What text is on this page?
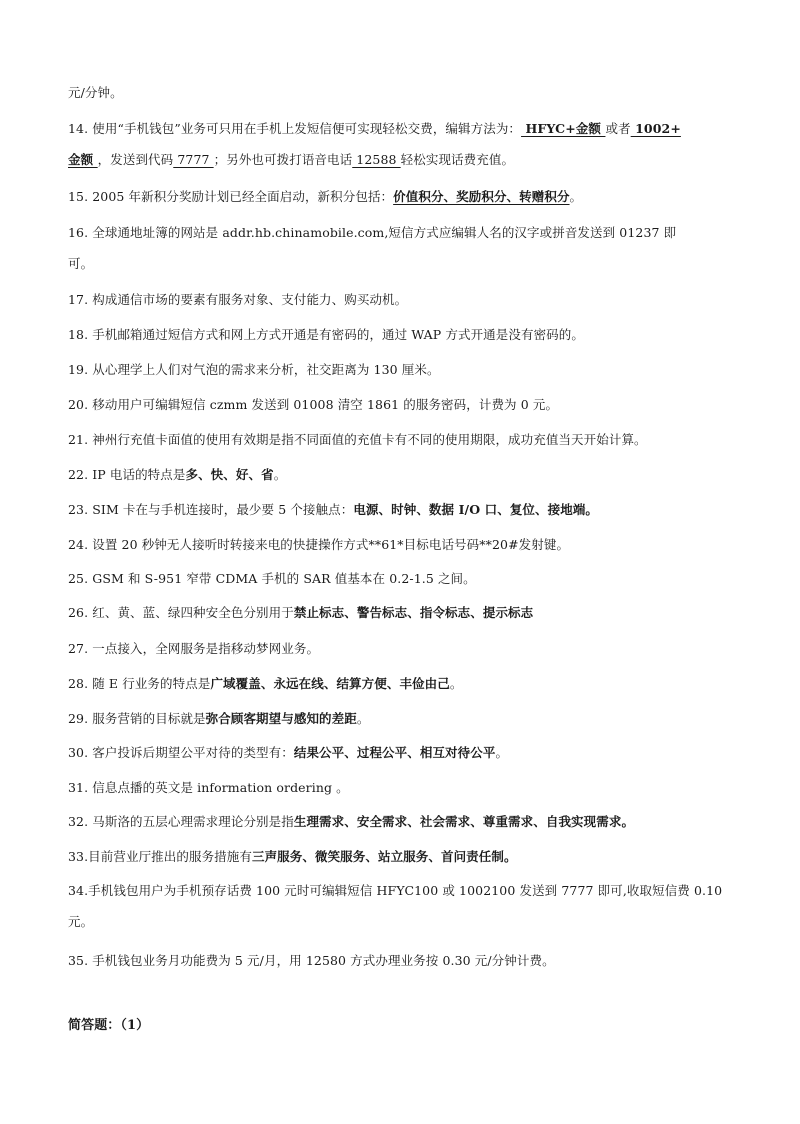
元/分钟。
14. 使用“手机钱包”业务可只用在手机上发短信便可实现轻松交费，编辑方法为： HFYC+金额 或者 1002+
金额 ，发送到代码 7777 ；另外也可拨打语音电话 12588 轻松实现话费充值。
15. 2005 年新积分奖励计划已经全面启动，新积分包括：价值积分、奖励积分、转赠积分。
16. 全球通地址簿的网站是 addr.hb.chinamobile.com,短信方式应编辑人名的汉字或拼音发送到 01237 即
可。
17. 构成通信市场的要素有服务对象、支付能力、购买动机。
18. 手机邮箱通过短信方式和网上方式开通是有密码的，通过 WAP 方式开通是没有密码的。
19. 从心理学上人们对气泡的需求来分析，社交距离为 130 厘米。
20. 移动用户可编辑短信 czmm 发送到 01008 清空 1861 的服务密码，计费为 0 元。
21. 神州行充值卡面值的使用有效期是指不同面值的充值卡有不同的使用期限，成功充值当天开始计算。
22. IP 电话的特点是多、快、好、省。
23. SIM 卡在与手机连接时，最少要 5 个接触点：电源、时钟、数据 I/O 口、复位、接地端。
24. 设置 20 秒钟无人接听时转接来电的快捷操作方式**61*目标电话号码**20#发射键。
25. GSM 和 S-951 窄带 CDMA 手机的 SAR 值基本在 0.2-1.5 之间。
26. 红、黄、蓝、绿四种安全色分别用于禁止标志、警告标志、指令标志、提示标志
27. 一点接入，全网服务是指移动梦网业务。
28. 随 E 行业务的特点是广域覆盖、永远在线、结算方便、丰俭由己。
29. 服务营销的目标就是弥合顾客期望与感知的差距。
30. 客户投诉后期望公平对待的类型有：结果公平、过程公平、相互对待公平。
31. 信息点播的英文是 information ordering 。
32. 马斯洛的五层心理需求理论分别是指生理需求、安全需求、社会需求、尊重需求、自我实现需求。
33.目前营业厅推出的服务措施有三声服务、微笑服务、站立服务、首问责任制。
34.手机钱包用户为手机预存话费 100 元时可编辑短信 HFYC100 或 1002100 发送到 7777 即可,收取短信费 0.10
元。
35. 手机钱包业务月功能费为 5 元/月，用 12580 方式办理业务按 0.30 元/分钟计费。
简答题：（1）
